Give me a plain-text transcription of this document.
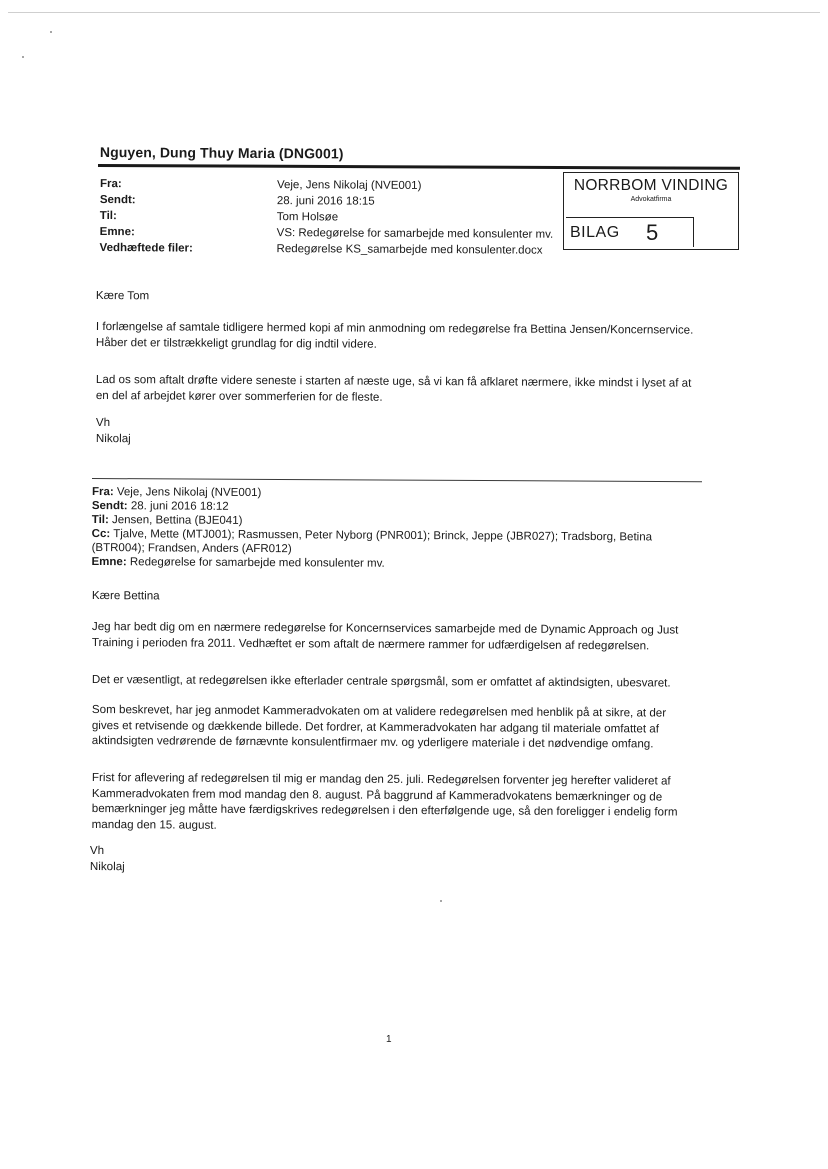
Nguyen, Dung Thuy Maria (DNG001)
Fra:	Veje, Jens Nikolaj (NVE001)
Sendt:	28. juni 2016 18:15
Til:	Tom Holsøe
Emne:	VS: Redegørelse for samarbejde med konsulenter mv.
Vedhæftede filer:	Redegørelse KS_samarbejde med konsulenter.docx
NORRBOM VINDING
Advokatfirma
BILAG 5

Kære Tom

I forlængelse af samtale tidligere hermed kopi af min anmodning om redegørelse fra Bettina Jensen/Koncernservice.
Håber det er tilstrækkeligt grundlag for dig indtil videre.

Lad os som aftalt drøfte videre seneste i starten af næste uge, så vi kan få afklaret nærmere, ikke mindst i lyset af at
en del af arbejdet kører over sommerferien for de fleste.

Vh

Nikolaj

Fra: Veje, Jens Nikolaj (NVE001)

Sendt: 28. juni 2016 18:12

Til: Jensen, Bettina (BJE041)

Cc: Tjalve, Mette (MTJ001); Rasmussen, Peter Nyborg (PNR001); Brinck, Jeppe (JBR027); Tradsborg, Betina
(BTR004); Frandsen, Anders (AFR012)

Emne: Redegørelse for samarbejde med konsulenter mv.

Kære Bettina

Jeg har bedt dig om en nærmere redegørelse for Koncernservices samarbejde med de Dynamic Approach og Just
Training i perioden fra 2011. Vedhæftet er som aftalt de nærmere rammer for udfærdigelsen af redegørelsen.

Det er væsentligt, at redegørelsen ikke efterlader centrale spørgsmål, som er omfattet af aktindsigten, ubesvaret.

Som beskrevet, har jeg anmodet Kammeradvokaten om at validere redegørelsen med henblik på at sikre, at der
gives et retvisende og dækkende billede. Det fordrer, at Kammeradvokaten har adgang til materiale omfattet af
aktindsigten vedrørende de førnævnte konsulentfirmaer mv. og yderligere materiale i det nødvendige omfang.

Frist for aflevering af redegørelsen til mig er mandag den 25. juli. Redegørelsen forventer jeg herefter valideret af
Kammeradvokaten frem mod mandag den 8. august. På baggrund af Kammeradvokatens bemærkninger og de
bemærkninger jeg måtte have færdigskrives redegørelsen i den efterfølgende uge, så den foreligger i endelig form
mandag den 15. august.

Vh

Nikolaj

1
